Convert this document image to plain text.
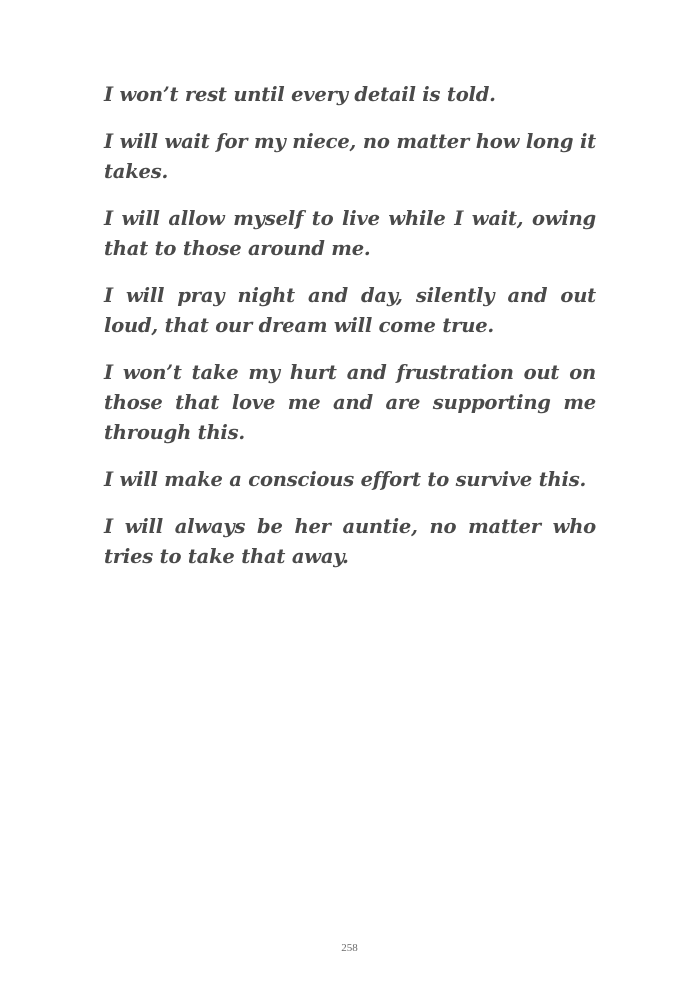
I won’t rest until every detail is told.

I will wait for my niece, no matter how long it takes.

I will allow myself to live while I wait, owing that to those around me.

I will pray night and day, silently and out loud, that our dream will come true.

I won’t take my hurt and frustration out on those that love me and are supporting me through this.

I will make a conscious effort to survive this.

I will always be her auntie, no matter who tries to take that away.

258
